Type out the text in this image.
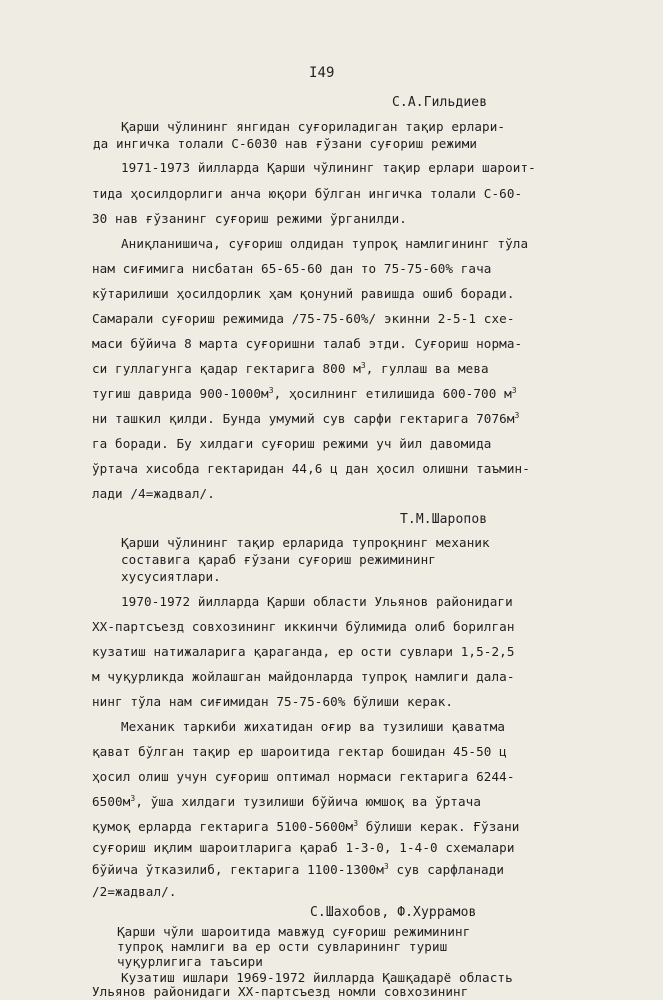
I49
С.А.Гильдиев
Қарши чўлининг янгидан суғориладиган тақир ерлари-
да ингичка толали С-6030 нав ғўзани суғориш режими
1971-1973 йилларда Қарши чўлининг тақир ерлари шароит-
тида ҳосилдорлиги анча юқори бўлган ингичка толали С-60-
30 нав ғўзанинг суғориш режими ўрганилди.
Аниқланишича, суғориш олдидан тупроқ намлигининг тўла
нам сиғимига нисбатан 65-65-60 дан то 75-75-60% гача
кўтарилиши ҳосилдорлик ҳам қонуний равишда ошиб боради.
Самарали суғориш режимида /75-75-60%/ экинни 2-5-1 схе-
маси бўйича 8 марта суғоришни талаб этди. Суғориш норма-
си гуллагунга қадар гектарига 800 $м^3$, гуллаш ва мева
тугиш даврида $900-1000м^3$, ҳосилнинг етилишида 600-700 $м^3$
ни ташкил қилди. Бунда умумий сув сарфи гектарига $7076м^3$
га боради. Бу хилдаги суғориш режими уч йил давомида
ўртача хисобда гектаридан 44,6 ц дан ҳосил олишни таъмин-
лади /4=жадвал/.
Т.М.Шаропов
Қарши чўлининг тақир ерларида тупроқнинг механик
составига қараб ғўзани суғориш режимининг
хусусиятлари.
1970-1972 йилларда Қарши области Ульянов районидаги
ХХ-партсъезд совхозининг иккинчи бўлимида олиб борилган
кузатиш натижаларига қараганда, ер ости сувлари 1,5-2,5
м чуқурликда жойлашган майдонларда тупроқ намлиги дала-
нинг тўла нам сиғимидан 75-75-60% бўлиши керак.
Механик таркиби жихатидан оғир ва тузилиши қаватма
қават бўлган тақир ер шароитида гектар бошидан 45-50 ц
ҳосил олиш учун суғориш оптимал нормаси гектарига 6244-
$6500м^3$, ўша хилдаги тузилиши бўйича юмшоқ ва ўртача
қумоқ ерларда гектарига $5100-5600м^3$ бўлиши керак. Ғўзани
суғориш иқлим шароитларига қараб 1-3-0, 1-4-0 схемалари
бўйича ўтказилиб, гектарига $1100-1300м^3$ сув сарфланади
/2=жадвал/.
С.Шахобов, Ф.Хуррамов
Қарши чўли шароитида мавжуд суғориш режимининг
тупроқ намлиги ва ер ости сувларининг туриш
чуқурлигига таъсири
Кузатиш ишлари 1969-1972 йилларда Қашқадарё область
Ульянов районидаги ХХ-партсъезд номли совхозининг
